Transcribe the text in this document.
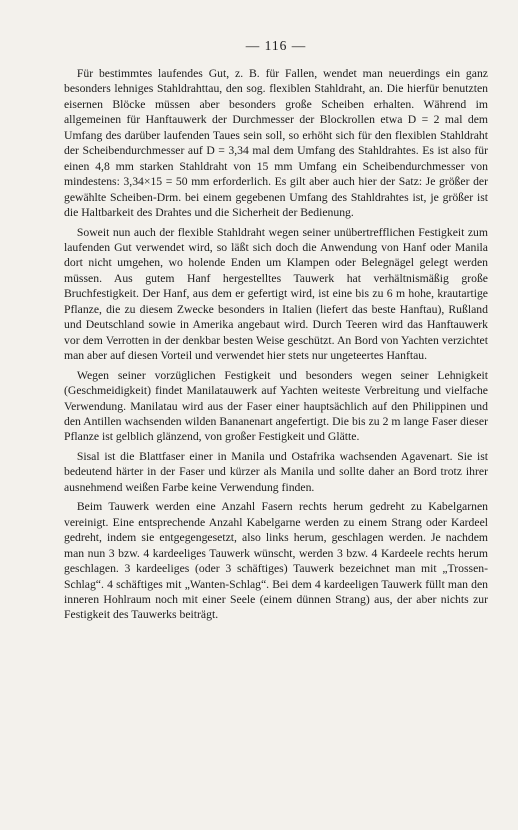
— 116 —

Für bestimmtes laufendes Gut, z. B. für Fallen, wendet man neuerdings ein ganz besonders lehniges Stahldrahttau, den sog. flexiblen Stahldraht, an. Die hierfür benutzten eisernen Blöcke müssen aber besonders große Scheiben erhalten. Während im allgemeinen für Hanftauwerk der Durchmesser der Blockrollen etwa D = 2 mal dem Umfang des darüber laufenden Taues sein soll, so erhöht sich für den flexiblen Stahldraht der Scheibendurchmesser auf D = 3,34 mal dem Umfang des Stahldrahtes. Es ist also für einen 4,8 mm starken Stahldraht von 15 mm Umfang ein Scheibendurchmesser von mindestens: 3,34×15 = 50 mm erforderlich. Es gilt aber auch hier der Satz: Je größer der gewählte Scheiben-Drm. bei einem gegebenen Umfang des Stahldrahtes ist, je größer ist die Haltbarkeit des Drahtes und die Sicherheit der Bedienung.

Soweit nun auch der flexible Stahldraht wegen seiner unübertrefflichen Festigkeit zum laufenden Gut verwendet wird, so läßt sich doch die Anwendung von Hanf oder Manila dort nicht umgehen, wo holende Enden um Klampen oder Belegnägel gelegt werden müssen. Aus gutem Hanf hergestelltes Tauwerk hat verhältnismäßig große Bruchfestigkeit. Der Hanf, aus dem er gefertigt wird, ist eine bis zu 6 m hohe, krautartige Pflanze, die zu diesem Zwecke besonders in Italien (liefert das beste Hanftau), Rußland und Deutschland sowie in Amerika angebaut wird. Durch Teeren wird das Hanftauwerk vor dem Verrotten in der denkbar besten Weise geschützt. An Bord von Yachten verzichtet man aber auf diesen Vorteil und verwendet hier stets nur ungeteertes Hanftau.

Wegen seiner vorzüglichen Festigkeit und besonders wegen seiner Lehnigkeit (Geschmeidigkeit) findet Manilatauwerk auf Yachten weiteste Verbreitung und vielfache Verwendung. Manilatau wird aus der Faser einer hauptsächlich auf den Philippinen und den Antillen wachsenden wilden Bananenart angefertigt. Die bis zu 2 m lange Faser dieser Pflanze ist gelblich glänzend, von großer Festigkeit und Glätte.

Sisal ist die Blattfaser einer in Manila und Ostafrika wachsenden Agavenart. Sie ist bedeutend härter in der Faser und kürzer als Manila und sollte daher an Bord trotz ihrer ausnehmend weißen Farbe keine Verwendung finden.

Beim Tauwerk werden eine Anzahl Fasern rechts herum gedreht zu Kabelgarnen vereinigt. Eine entsprechende Anzahl Kabelgarne werden zu einem Strang oder Kardeel gedreht, indem sie entgegengesetzt, also links herum, geschlagen werden. Je nachdem man nun 3 bzw. 4 kardeeliges Tauwerk wünscht, werden 3 bzw. 4 Kardeele rechts herum geschlagen. 3 kardeeliges (oder 3 schäftiges) Tauwerk bezeichnet man mit „Trossen-Schlag“. 4 schäftiges mit „Wanten-Schlag“. Bei dem 4 kardeeligen Tauwerk füllt man den inneren Hohlraum noch mit einer Seele (einem dünnen Strang) aus, der aber nichts zur Festigkeit des Tauwerks beiträgt.
